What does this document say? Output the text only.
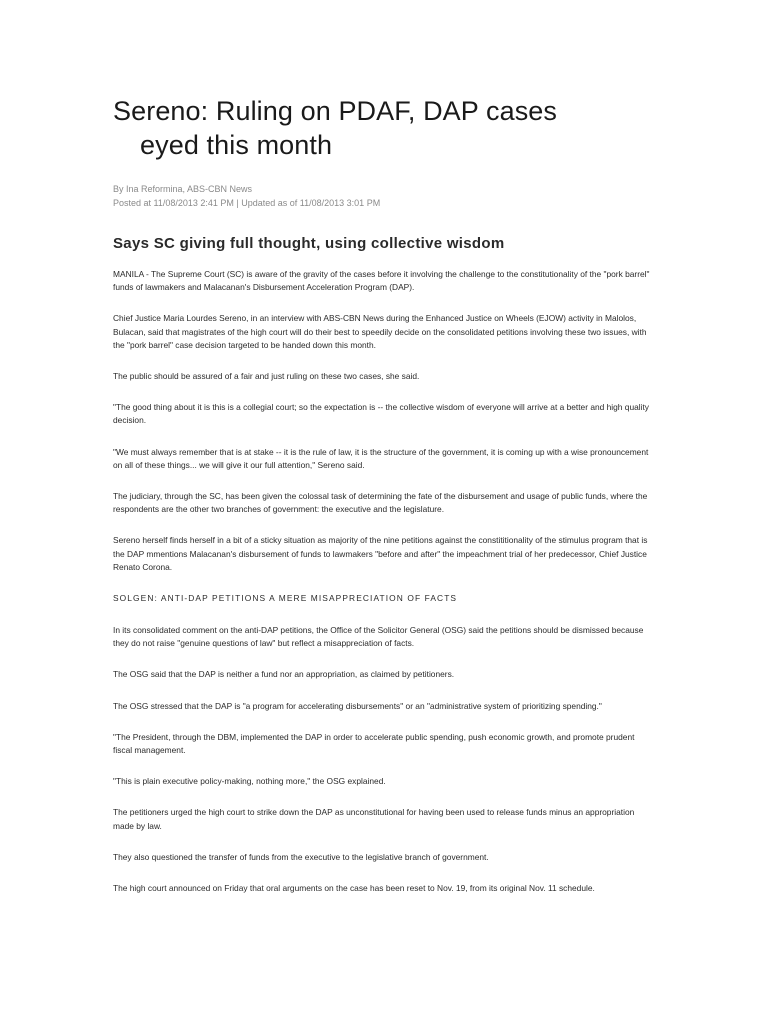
Sereno: Ruling on PDAF, DAP cases
eyed this month
By Ina Reformina, ABS-CBN News
Posted at 11/08/2013 2:41 PM | Updated as of 11/08/2013 3:01 PM
Says SC giving full thought, using collective wisdom

MANILA - The Supreme Court (SC) is aware of the gravity of the cases before it involving the challenge to the constitutionality of the "pork barrel" funds of lawmakers and Malacanan's Disbursement Acceleration Program (DAP).

Chief Justice Maria Lourdes Sereno, in an interview with ABS-CBN News during the Enhanced Justice on Wheels (EJOW) activity in Malolos, Bulacan, said that magistrates of the high court will do their best to speedily decide on the consolidated petitions involving these two issues, with the "pork barrel" case decision targeted to be handed down this month.

The public should be assured of a fair and just ruling on these two cases, she said.

"The good thing about it is this is a collegial court; so the expectation is -- the collective wisdom of everyone will arrive at a better and high quality decision.

"We must always remember that is at stake -- it is the rule of law, it is the structure of the government, it is coming up with a wise pronouncement on all of these things... we will give it our full attention," Sereno said.

The judiciary, through the SC, has been given the colossal task of determining the fate of the disbursement and usage of public funds, where the respondents are the other two branches of government: the executive and the legislature.

Sereno herself finds herself in a bit of a sticky situation as majority of the nine petitions against the constititionality of the stimulus program that is the DAP mmentions Malacanan's disbursement of funds to lawmakers "before and after" the impeachment trial of her predecessor, Chief Justice Renato Corona.

SOLGEN: ANTI-DAP PETITIONS A MERE MISAPPRECIATION OF FACTS

In its consolidated comment on the anti-DAP petitions, the Office of the Solicitor General (OSG) said the petitions should be dismissed because they do not raise "genuine questions of law" but reflect a misappreciation of facts.

The OSG said that the DAP is neither a fund nor an appropriation, as claimed by petitioners.

The OSG stressed that the DAP is "a program for accelerating disbursements" or an "administrative system of prioritizing spending."

"The President, through the DBM, implemented the DAP in order to accelerate public spending, push economic growth, and promote prudent fiscal management.

"This is plain executive policy-making, nothing more," the OSG explained.

The petitioners urged the high court to strike down the DAP as unconstitutional for having been used to release funds minus an appropriation made by law.

They also questioned the transfer of funds from the executive to the legislative branch of government.

The high court announced on Friday that oral arguments on the case has been reset to Nov. 19, from its original Nov. 11 schedule.
